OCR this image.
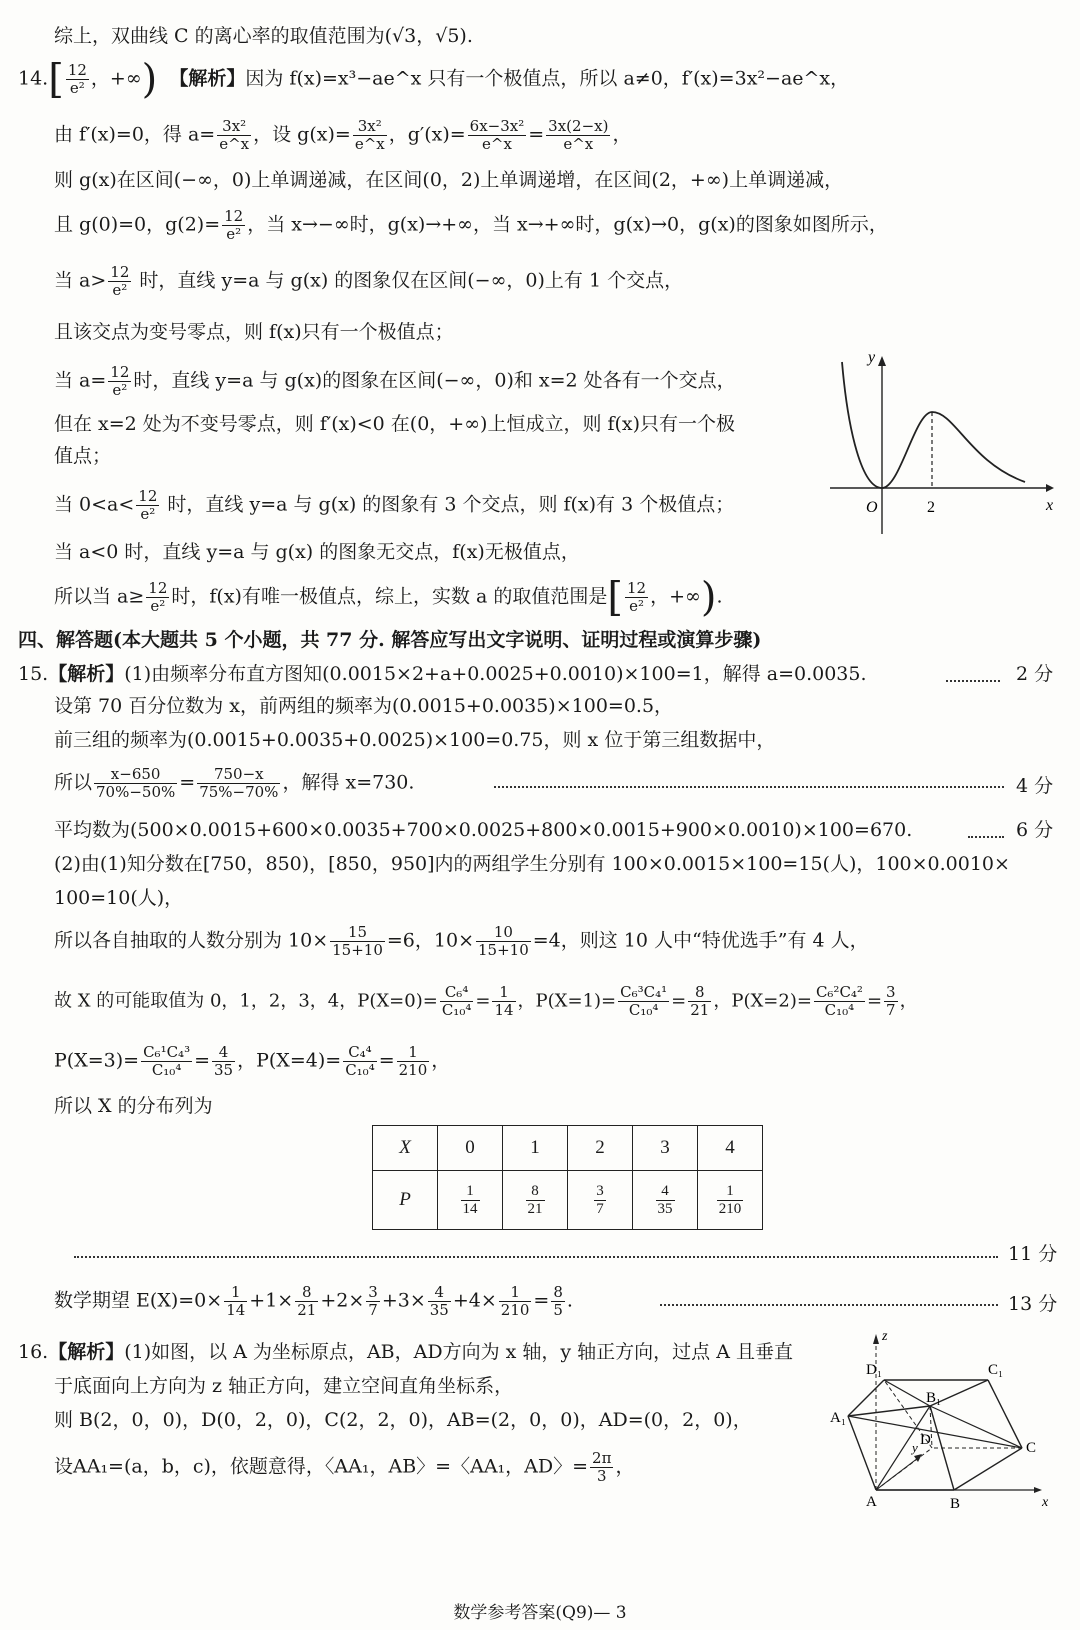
综上，双曲线 C 的离心率的取值范围为(√3，√5).
$14.[ \frac{12}{\text{e²}}$ ，+∞) 【解析】因为 f(x)=x³−ae^x 只有一个极值点，所以 a≠0，f′(x)=3x²−ae^x，
由 f′(x)=0，得 $a= \frac{\text{3x²}}{e\^{}x}$ ，设 $g(x)= \frac{\text{3x²}}{e\^{}x}$ ，$g'(x)= \frac{\text{6x−3x²}}{e\^{}x} = \frac{3x(2-x)}{e\^{}x}$ ，
则 g(x)在区间(−∞，0)上单调递减，在区间(0，2)上单调递增，在区间(2，+∞)上单调递减，
且 g(0)=0，$g(2)= \frac{12}{\text{e²}}$ ，当 x→−∞时，g(x)→+∞，当 x→+∞时，g(x)→0，g(x)的图象如图所示，
当 $a> \frac{12}{\text{e²}}$ 时，直线 y=a 与 g(x) 的图象仅在区间(−∞，0)上有 1 个交点，
且该交点为变号零点，则 f(x)只有一个极值点；
当 $a= \frac{12}{\text{e²}}$ 时，直线 y=a 与 g(x)的图象在区间(−∞，0)和 x=2 处各有一个交点，
但在 x=2 处为不变号零点，则 f′(x)<0 在(0，+∞)上恒成立，则 f(x)只有一个极
值点；
当 $0<a< \frac{12}{\text{e²}}$ 时，直线 y=a 与 g(x) 的图象有 3 个交点，则 f(x)有 3 个极值点；
当 a<0 时，直线 y=a 与 g(x) 的图象无交点，f(x)无极值点，
所以当 $a\ge \frac{12}{\text{e²}}$ 时，f(x)有唯一极值点，综上，实数 a 的取值范围是[ $\frac{12}{\text{e²}}$ ，+∞).
y
x
O	2
四、解答题(本大题共 5 个小题，共 77 分. 解答应写出文字说明、证明过程或演算步骤)
15.【解析】(1)由频率分布直方图知(0.0015×2+a+0.0025+0.0010)×100=1，解得 a=0.0035.	2 分
设第 70 百分位数为 x，前两组的频率为(0.0015+0.0035)×100=0.5，
前三组的频率为(0.0015+0.0035+0.0025)×100=0.75，则 x 位于第三组数据中，
所以 $\frac{x-650}{70\%-50\%} = \frac{750-x}{75\%-70\%}$ ，解得 x=730.	4 分
平均数为(500×0.0015+600×0.0035+700×0.0025+800×0.0015+900×0.0010)×100=670.	6 分
(2)由(1)知分数在[750，850)，[850，950]内的两组学生分别有 100×0.0015×100=15(人)，100×0.0010×
100=10(人)，
所以各自抽取的人数分别为 $10\times \frac{15}{15+10} =6$，$10\times \frac{10}{15+10} =4$，则这 10 人中“特优选手”有 4 人，
故 X 的可能取值为 0，1，2，3，4，$P(X=0)= \frac{\text{C₆⁴}}{\text{C₁₀⁴}} = \frac{1}{14}$ ，$P(X=1)= \frac{\text{C₆³C₄¹}}{\text{C₁₀⁴}} = \frac{8}{21}$ ，$P(X=2)= \frac{\text{C₆²C₄²}}{\text{C₁₀⁴}} = \frac{3}{7}$ ，
$P(X=3)= \frac{\text{C₆¹C₄³}}{\text{C₁₀⁴}} = \frac{4}{35}$ ，$P(X=4)= \frac{\text{C₄⁴}}{\text{C₁₀⁴}} = \frac{1}{210}$ ，
所以 X 的分布列为
X	0	1	2	3	4
P	$\frac{1}{14}$	$\frac{8}{21}$	$\frac{3}{7}$	$\frac{4}{35}$	$\frac{1}{210}$
11 分
数学期望 $E(X)=0\times \frac{1}{14} +1\times \frac{8}{21} +2\times \frac{3}{7} +3\times \frac{4}{35} +4\times \frac{1}{210} = \frac{8}{5}$ .	13 分
16.【解析】(1)如图，以 A 为坐标原点，AB，AD方向为 x 轴，y 轴正方向，过点 A 且垂直
于底面向上方向为 z 轴正方向，建立空间直角坐标系，
则 B(2，0，0)，D(0，2，0)，C(2，2，0)，AB=(2，0，0)，AD=(0，2，0)，
设AA₁=(a，b，c)，依题意得，〈AA₁，AB〉=〈AA₁，AD〉= $\frac{2\pi}{3}$ ，
z
x
y
A	B
C
D
A₁
B₁
C₁
D₁
数学参考答案(Q9)— 3
